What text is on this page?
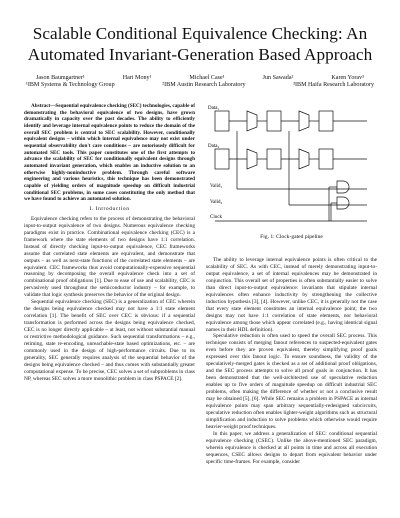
Scalable Conditional Equivalence Checking: An
Automated Invariant-Generation Based Approach
Jason Baumgartner¹	Hari Mony¹	Michael Case¹	Jun Sawada²	Karen Yorav³
¹IBM Systems & Technology Group	²IBM Austin Research Laboratory	³IBM Haifa Research Laboratory

Abstract—Sequential equivalence checking (SEC) technologies, capable of demonstrating the behavioral equivalence of two designs, have grown dramatically in capacity over the past decades. The ability to efficiently identify and leverage internal equivalence points to reduce the domain of the overall SEC problem is central to SEC scalability. However, conditionally equivalent designs – within which internal equivalence may not exist under sequential observability don't care conditions – are notoriously difficult for automated SEC tools. This paper constitutes one of the first attempts to advance the scalability of SEC for conditionally equivalent designs through automated invariant generation, which enables an inductive solution to an otherwise highly-noninductive problem. Through careful software engineering and various heuristics, this technique has been demonstrated capable of yielding orders of magnitude speedup on difficult industrial conditional SEC problems, in some cases constituting the only method that we have found to achieve an automated solution.

I. Introduction

Equivalence checking refers to the process of demonstrating the behavioral input-to-output equivalence of two designs. Numerous equivalence checking paradigms exist in practice. Combinational equivalence checking (CEC) is a framework where the state elements of two designs have 1:1 correlation. Instead of directly checking input-to-output equivalence, CEC frameworks assume that correlated state elements are equivalent, and demonstrate that outputs – as well as next-state functions of the correlated state elements – are equivalent. CEC frameworks thus avoid computationally-expensive sequential reasoning by decomposing the overall equivalence check into a set of combinational proof obligations [1]. Due to ease of use and scalability, CEC is pervasively used throughout the semiconductor industry – for example, to validate that logic synthesis preserves the behavior of the original design.

Sequential equivalence checking (SEC) is a generalization of CEC wherein the designs being equivalence checked may not have a 1:1 state element correlation [1]. The benefit of SEC over CEC is obvious: if a sequential transformation is performed across the designs being equivalence checked, CEC is no longer directly applicable – at least, not without substantial manual or restrictive methodological guidance. Such sequential transformations – e.g., retiming, state re-encoding, unreachable-state based optimizations, etc. – are commonly used in the design of high-performance circuits. Due to its generality, SEC generally requires analysis of the sequential behavior of the designs being equivalence checked – and thus comes with substantially greater computational expense. To be precise, CEC solves a set of subproblems in class NP, whereas SEC solves a more monolithic problem in class PSPACE [2].

Data₁
Data₂
Valid₁
Valid₂
Clock
Fig. 1: Clock-gated pipeline

The ability to leverage internal equivalence points is often critical to the scalability of SEC. As with CEC, instead of merely demonstrating input-to-output equivalence, a set of internal equivalences may be demonstrated in conjunction. This overall set of properties is often substantially easier to solve than direct input-to-output equivalence: invariants that stipulate internal equivalences often enhance inductivity by strengthening the collective induction hypothesis [3], [4]. However, unlike CEC, it is generally not the case that every state element constitutes an internal equivalence point; the two designs may not have 1:1 correlation of state elements, nor behavioral equivalence among those which appear correlated (e.g., having identical signal names in their HDL definition).

Speculative reduction is often used to speed the overall SEC process. This technique consists of merging fanout references to suspected-equivalent gates even before they are proven equivalent, thereby simplifying proof goals expressed over this fanout logic. To ensure soundness, the validity of the speculatively-merged gates is checked as a set of additional proof obligations, and the SEC process attempts to solve all proof goals in conjunction. It has been demonstrated that the well-architected use of speculative reduction enables up to five orders of magnitude speedup on difficult industrial SEC problems, often making the difference of whether or not a conclusive result may be obtained [5], [6]. While SEC remains a problem in PSPACE as internal equivalence points may span arbitrary sequentially-redesigned subcircuits, speculative reduction often enables lighter-weight algorithms such as structural simplification and induction to solve problems which otherwise would require heavier-weight proof techniques.

In this paper, we address a generalization of SEC: conditional sequential equivalence checking (CSEC). Unlike the above-mentioned SEC paradigm, wherein equivalence is checked at all points in time and across all execution sequences, CSEC allows designs to depart from equivalent behavior under specific time-frames. For example, consider
